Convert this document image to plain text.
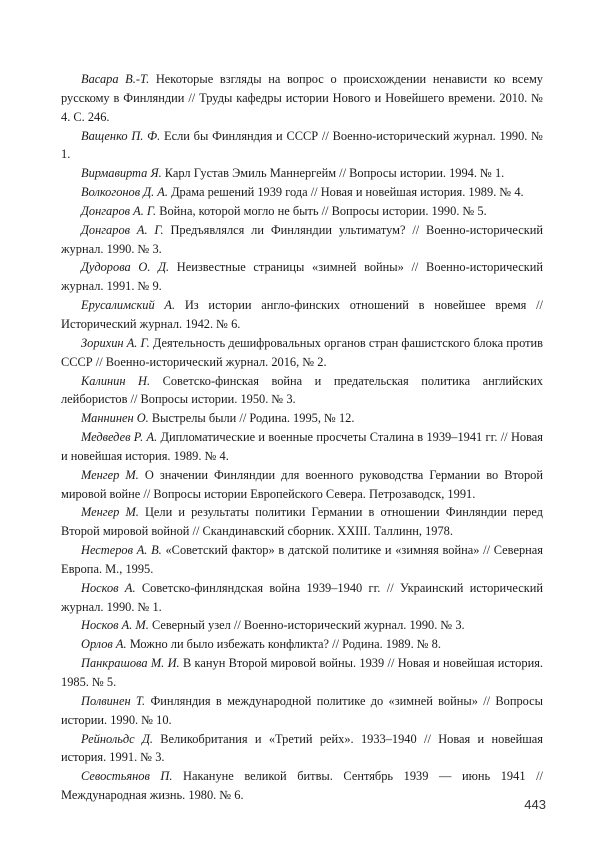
Васара В.-Т. Некоторые взгляды на вопрос о происхождении ненависти ко всему русскому в Финляндии // Труды кафедры истории Нового и Новейшего времени. 2010. № 4. С. 246.

Ващенко П. Ф. Если бы Финляндия и СССР // Военно-исторический журнал. 1990. № 1.

Вирмавирта Я. Карл Густав Эмиль Маннергейм // Вопросы истории. 1994. № 1.

Волкогонов Д. А. Драма решений 1939 года // Новая и новейшая история. 1989. № 4.

Донгаров А. Г. Война, которой могло не быть // Вопросы истории. 1990. № 5.

Донгаров А. Г. Предъявлялся ли Финляндии ультиматум? // Военно-исторический журнал. 1990. № 3.

Дудорова О. Д. Неизвестные страницы «зимней войны» // Военно-исторический журнал. 1991. № 9.

Ерусалимский А. Из истории англо-финских отношений в новейшее время // Исторический журнал. 1942. № 6.

Зорихин А. Г. Деятельность дешифровальных органов стран фашистского блока против СССР // Военно-исторический журнал. 2016, № 2.

Калинин Н. Советско-финская война и предательская политика английских лейбористов // Вопросы истории. 1950. № 3.

Маннинен О. Выстрелы были // Родина. 1995, № 12.

Медведев Р. А. Дипломатические и военные просчеты Сталина в 1939–1941 гг. // Новая и новейшая история. 1989. № 4.

Менгер М. О значении Финляндии для военного руководства Германии во Второй мировой войне // Вопросы истории Европейского Севера. Петрозаводск, 1991.

Менгер М. Цели и результаты политики Германии в отношении Финляндии перед Второй мировой войной // Скандинавский сборник. XXIII. Таллинн, 1978.

Нестеров А. В. «Советский фактор» в датской политике и «зимняя война» // Северная Европа. М., 1995.

Носков А. Советско-финляндская война 1939–1940 гг. // Украинский исторический журнал. 1990. № 1.

Носков А. М. Северный узел // Военно-исторический журнал. 1990. № 3.

Орлов А. Можно ли было избежать конфликта? // Родина. 1989. № 8.

Панкрашова М. И. В канун Второй мировой войны. 1939 // Новая и новейшая история. 1985. № 5.

Полвинен Т. Финляндия в международной политике до «зимней войны» // Вопросы истории. 1990. № 10.

Рейнольдс Д. Великобритания и «Третий рейх». 1933–1940 // Новая и новейшая история. 1991. № 3.

Севостьянов П. Накануне великой битвы. Сентябрь 1939 — июнь 1941 // Международная жизнь. 1980. № 6.

443
